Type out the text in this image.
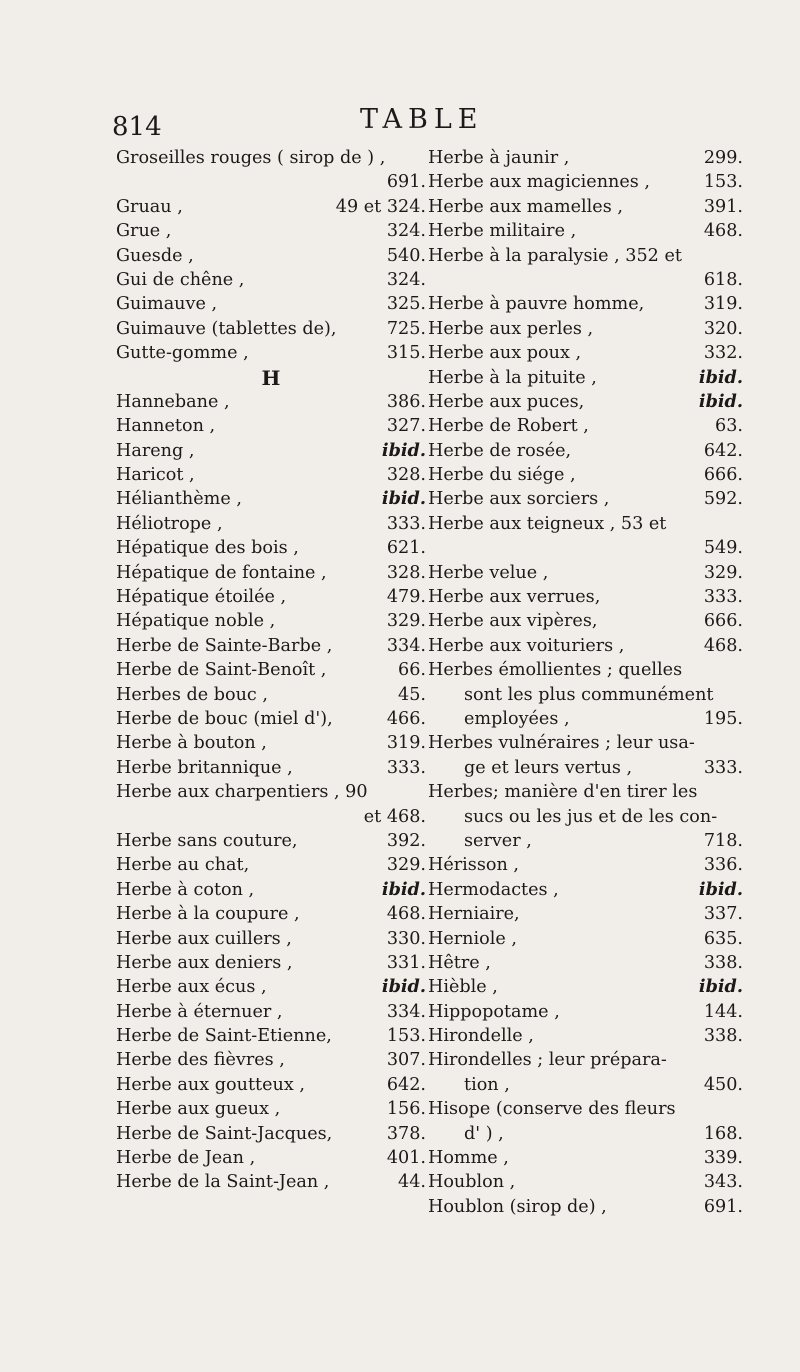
814	TABLE
Groseilles rouges ( sirop de ) ,
691.
Gruau ,	49 et 324.
Grue ,	324.
Guesde ,	540.
Gui de chêne ,	324.
Guimauve ,	325.
Guimauve (tablettes de),	725.
Gutte-gomme ,	315.
H
Hannebane ,	386.
Hanneton ,	327.
Hareng ,	ibid.
Haricot ,	328.
Hélianthème ,	ibid.
Héliotrope ,	333.
Hépatique des bois ,	621.
Hépatique de fontaine ,	328.
Hépatique étoilée ,	479.
Hépatique noble ,	329.
Herbe de Sainte-Barbe ,	334.
Herbe de Saint-Benoît ,	66.
Herbes de bouc ,	45.
Herbe de bouc (miel d'),	466.
Herbe à bouton ,	319.
Herbe britannique ,	333.
Herbe aux charpentiers , 90
et 468.
Herbe sans couture,	392.
Herbe au chat,	329.
Herbe à coton ,	ibid.
Herbe à la coupure ,	468.
Herbe aux cuillers ,	330.
Herbe aux deniers ,	331.
Herbe aux écus ,	ibid.
Herbe à éternuer ,	334.
Herbe de Saint-Etienne,	153.
Herbe des fièvres ,	307.
Herbe aux goutteux ,	642.
Herbe aux gueux ,	156.
Herbe de Saint-Jacques,	378.
Herbe de Jean ,	401.
Herbe de la Saint-Jean ,	44.
Herbe à jaunir ,	299.
Herbe aux magiciennes ,	153.
Herbe aux mamelles ,	391.
Herbe militaire ,	468.
Herbe à la paralysie , 352 et
618.
Herbe à pauvre homme,	319.
Herbe aux perles ,	320.
Herbe aux poux ,	332.
Herbe à la pituite ,	ibid.
Herbe aux puces,	ibid.
Herbe de Robert ,	63.
Herbe de rosée,	642.
Herbe du siége ,	666.
Herbe aux sorciers ,	592.
Herbe aux teigneux , 53 et
549.
Herbe velue ,	329.
Herbe aux verrues,	333.
Herbe aux vipères,	666.
Herbe aux voituriers ,	468.
Herbes émollientes ; quelles
sont les plus communément
employées ,	195.
Herbes vulnéraires ; leur usa-
ge et leurs vertus ,	333.
Herbes; manière d'en tirer les
sucs ou les jus et de les con-
server ,	718.
Hérisson ,	336.
Hermodactes ,	ibid.
Herniaire,	337.
Herniole ,	635.
Hêtre ,	338.
Hièble ,	ibid.
Hippopotame ,	144.
Hirondelle ,	338.
Hirondelles ; leur prépara-
tion ,	450.
Hisope (conserve des fleurs
d' ) ,	168.
Homme ,	339.
Houblon ,	343.
Houblon (sirop de) ,	691.
